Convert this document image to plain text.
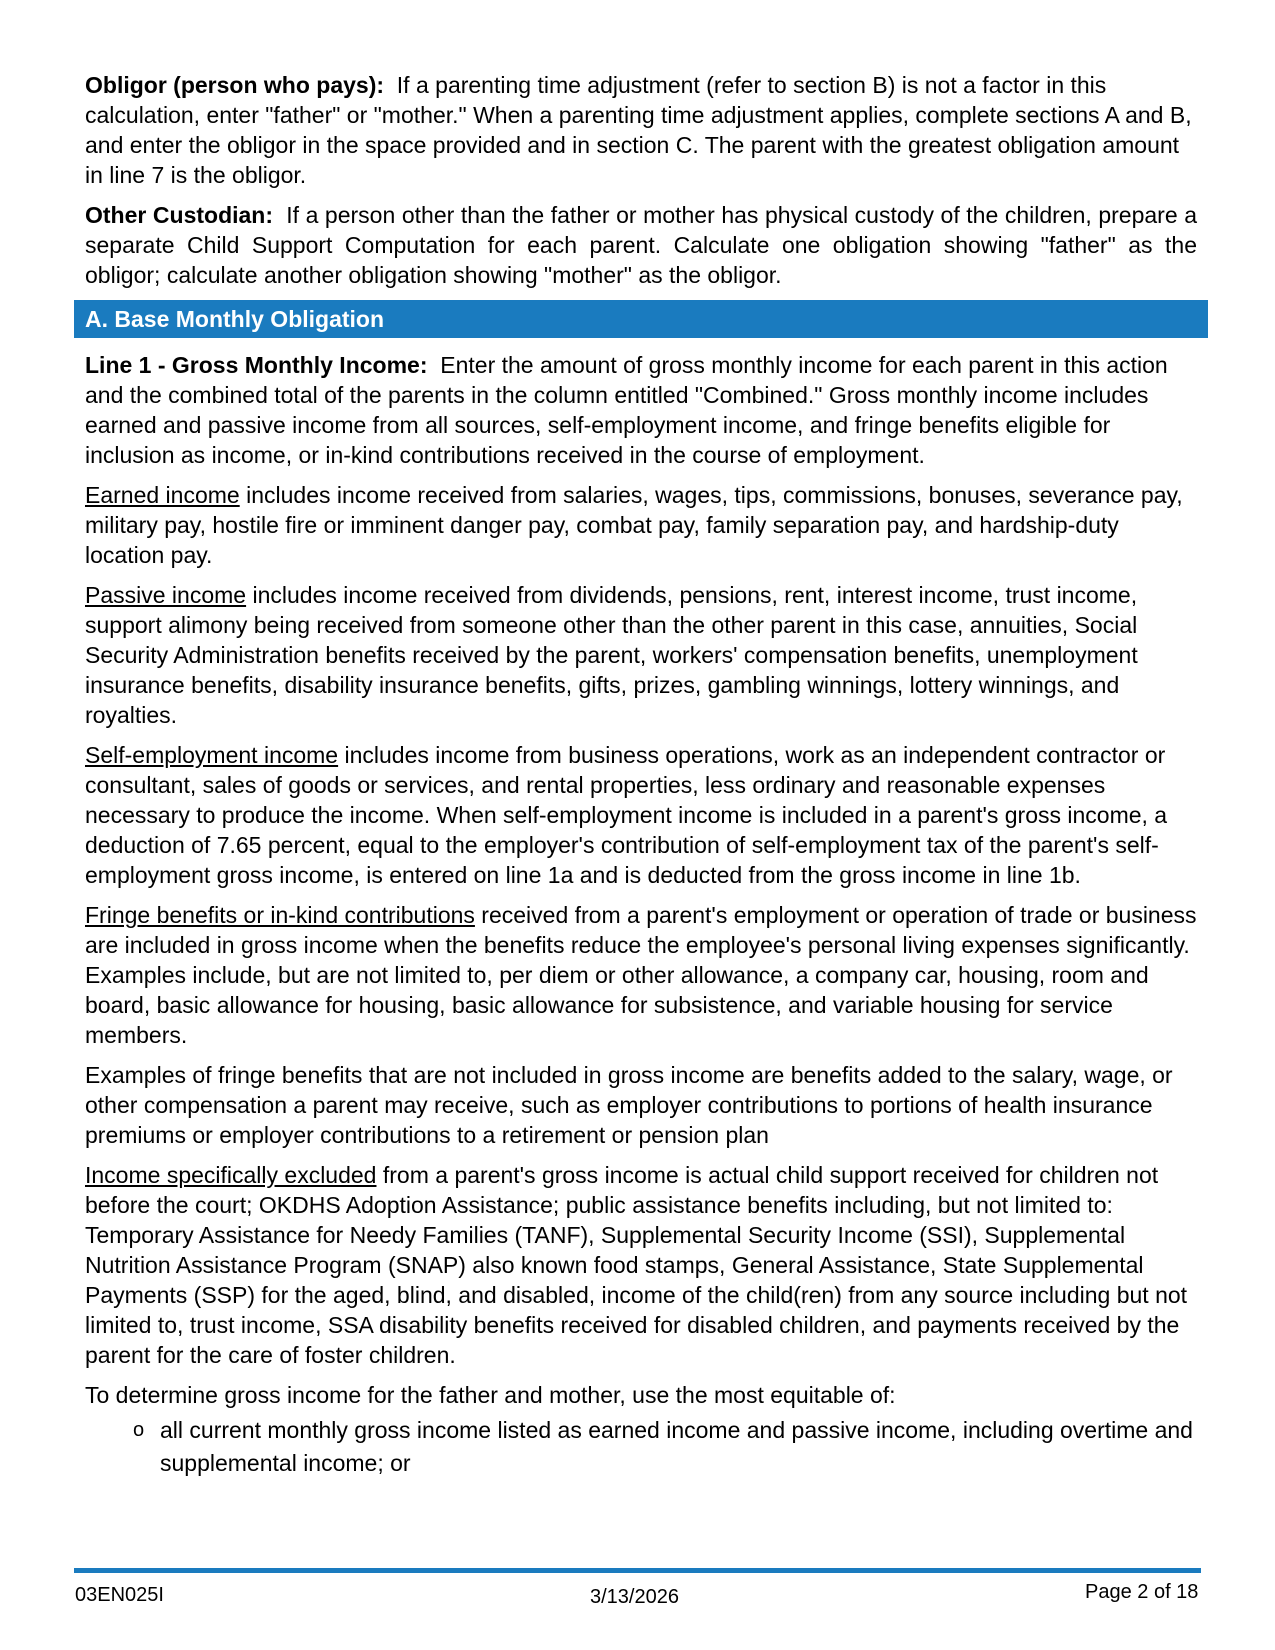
Obligor (person who pays): If a parenting time adjustment (refer to section B) is not a factor in this calculation, enter "father" or "mother." When a parenting time adjustment applies, complete sections A and B, and enter the obligor in the space provided and in section C. The parent with the greatest obligation amount in line 7 is the obligor.

Other Custodian: If a person other than the father or mother has physical custody of the children, prepare a separate Child Support Computation for each parent. Calculate one obligation showing "father" as the obligor; calculate another obligation showing "mother" as the obligor.

A. Base Monthly Obligation

Line 1 - Gross Monthly Income: Enter the amount of gross monthly income for each parent in this action and the combined total of the parents in the column entitled "Combined." Gross monthly income includes earned and passive income from all sources, self-employment income, and fringe benefits eligible for inclusion as income, or in-kind contributions received in the course of employment.

Earned income includes income received from salaries, wages, tips, commissions, bonuses, severance pay, military pay, hostile fire or imminent danger pay, combat pay, family separation pay, and hardship-duty location pay.

Passive income includes income received from dividends, pensions, rent, interest income, trust income, support alimony being received from someone other than the other parent in this case, annuities, Social Security Administration benefits received by the parent, workers' compensation benefits, unemployment insurance benefits, disability insurance benefits, gifts, prizes, gambling winnings, lottery winnings, and royalties.

Self-employment income includes income from business operations, work as an independent contractor or consultant, sales of goods or services, and rental properties, less ordinary and reasonable expenses necessary to produce the income. When self-employment income is included in a parent's gross income, a deduction of 7.65 percent, equal to the employer's contribution of self-employment tax of the parent's self-employment gross income, is entered on line 1a and is deducted from the gross income in line 1b.

Fringe benefits or in-kind contributions received from a parent's employment or operation of trade or business are included in gross income when the benefits reduce the employee's personal living expenses significantly. Examples include, but are not limited to, per diem or other allowance, a company car, housing, room and board, basic allowance for housing, basic allowance for subsistence, and variable housing for service members.

Examples of fringe benefits that are not included in gross income are benefits added to the salary, wage, or other compensation a parent may receive, such as employer contributions to portions of health insurance premiums or employer contributions to a retirement or pension plan

Income specifically excluded from a parent's gross income is actual child support received for children not before the court; OKDHS Adoption Assistance; public assistance benefits including, but not limited to: Temporary Assistance for Needy Families (TANF), Supplemental Security Income (SSI), Supplemental Nutrition Assistance Program (SNAP) also known food stamps, General Assistance, State Supplemental Payments (SSP) for the aged, blind, and disabled, income of the child(ren) from any source including but not limited to, trust income, SSA disability benefits received for disabled children, and payments received by the parent for the care of foster children.

To determine gross income for the father and mother, use the most equitable of:

o all current monthly gross income listed as earned income and passive income, including overtime and supplemental income; or
03EN025I	3/13/2026	Page 2 of 18
